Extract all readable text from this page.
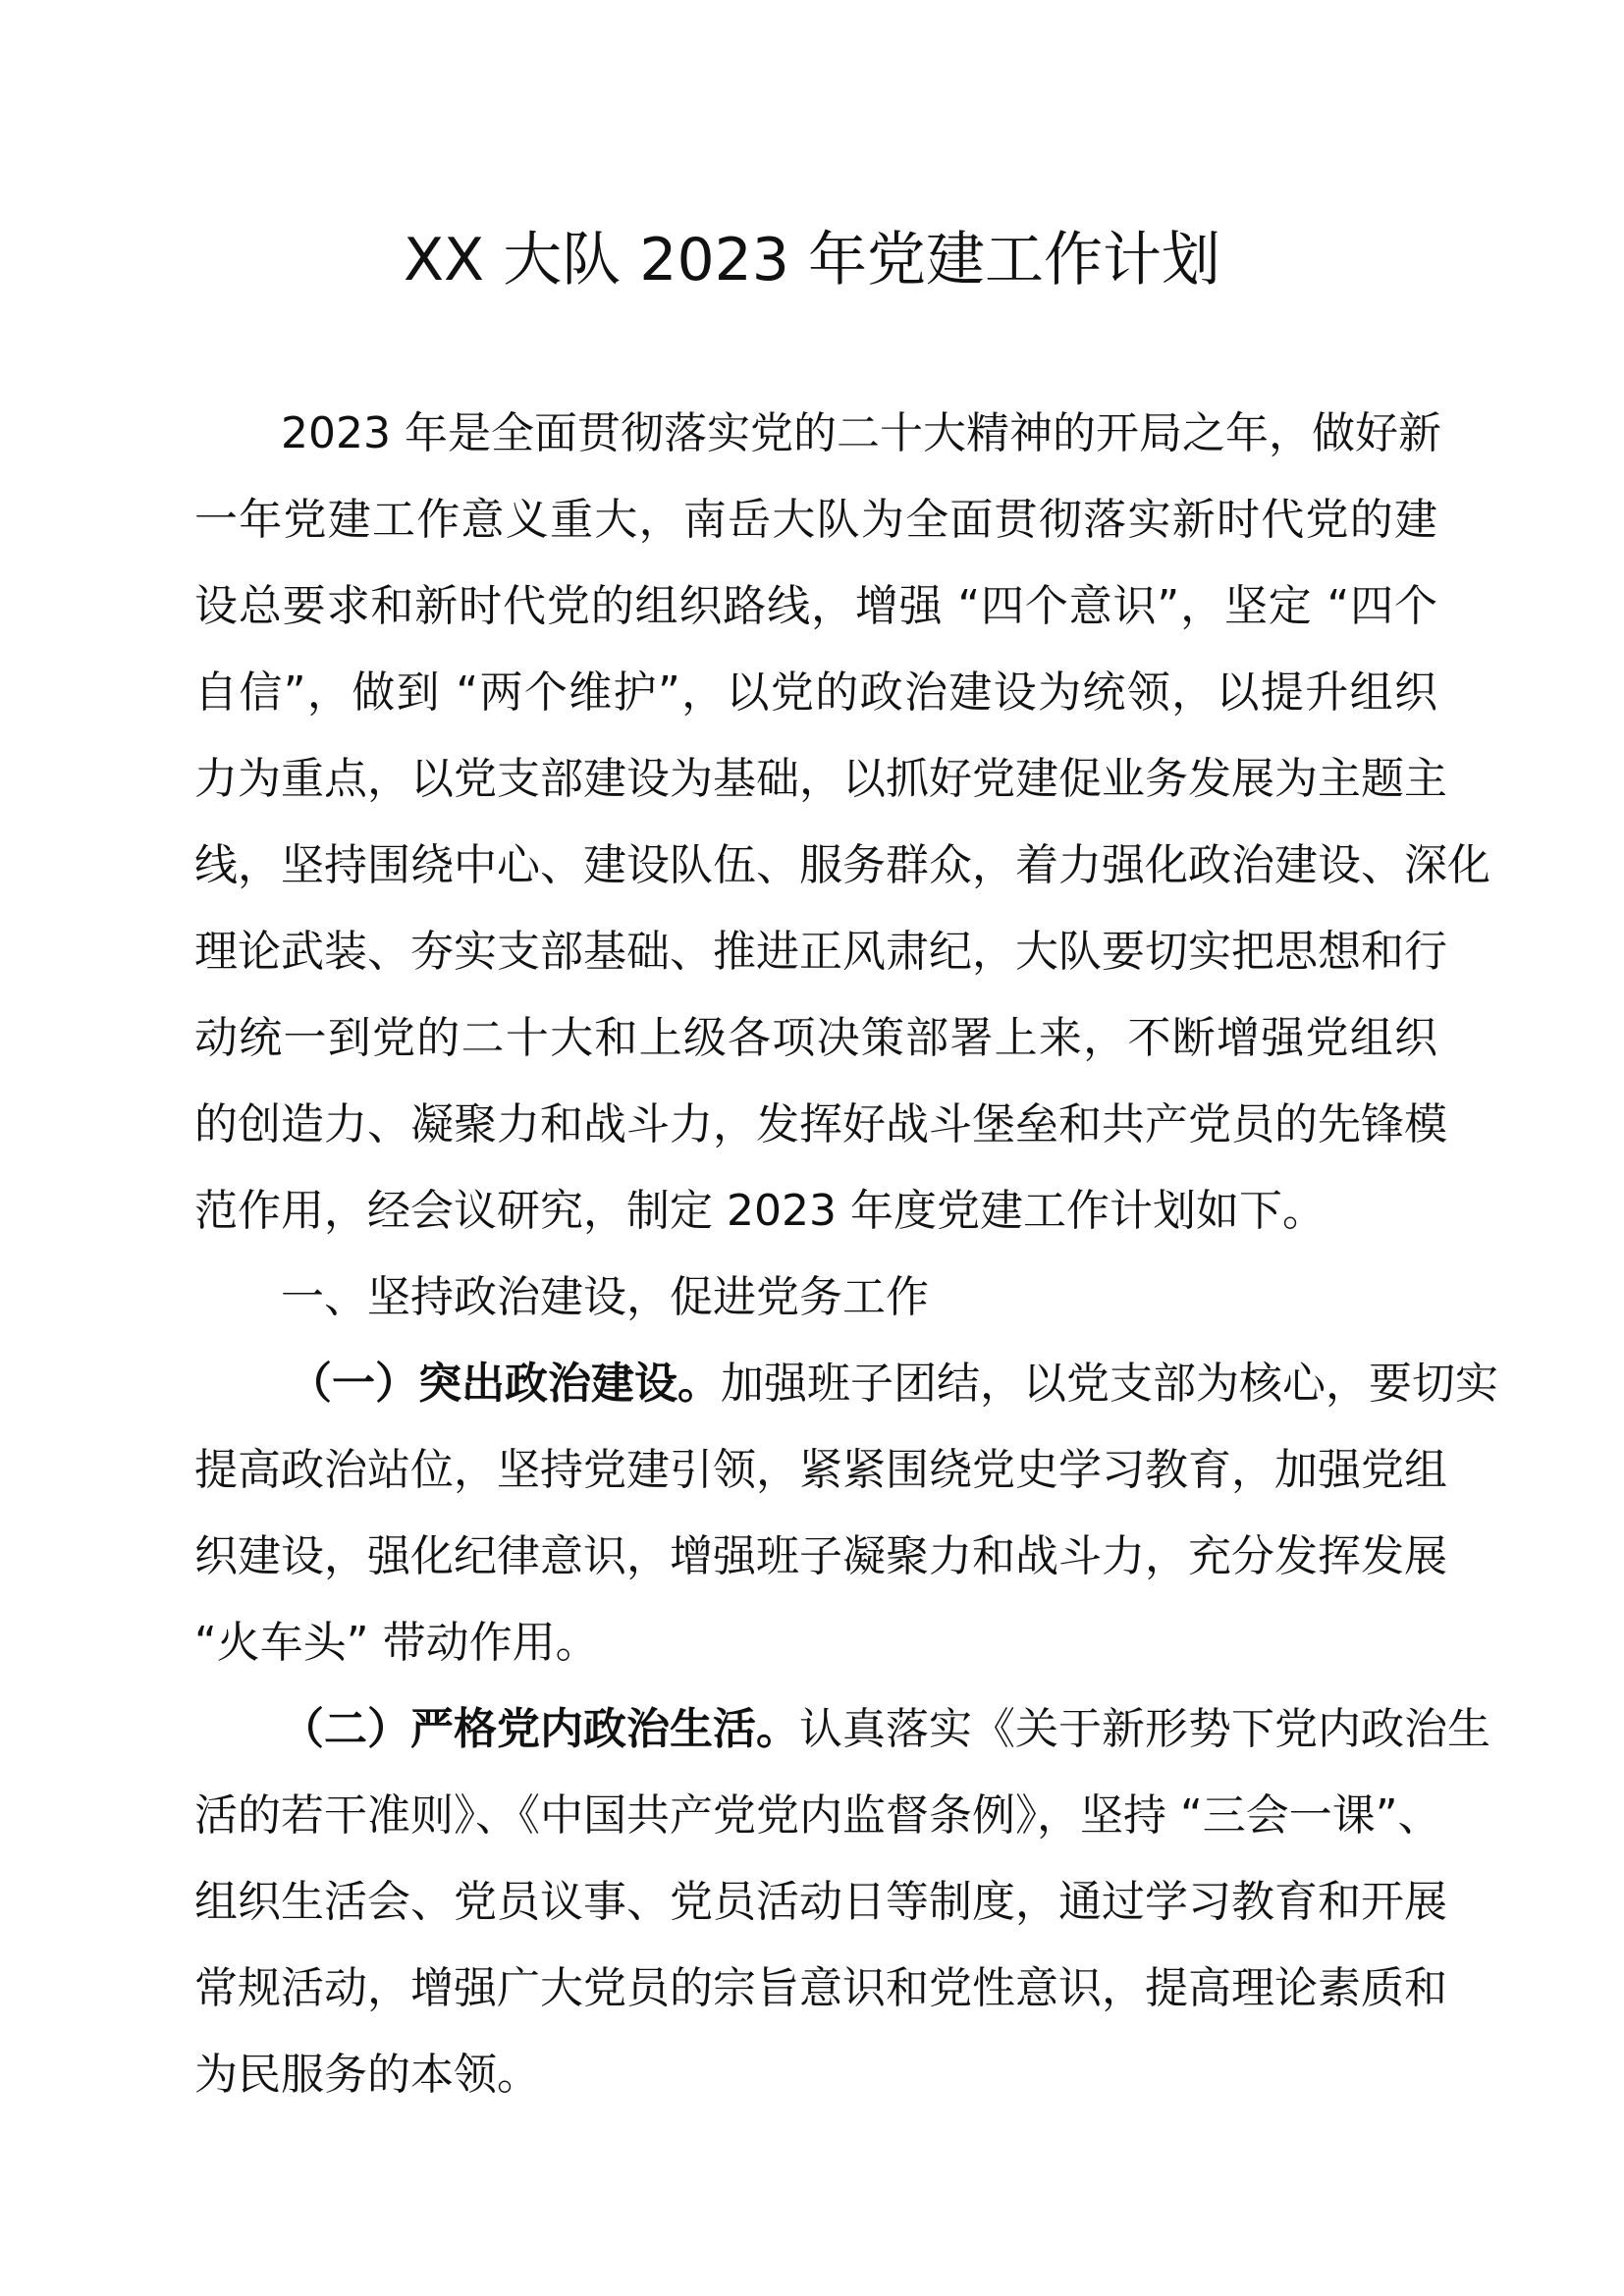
XX 大队 2023 年党建工作计划
2023 年是全面贯彻落实党的二十大精神的开局之年，做好新
一年党建工作意义重大，南岳大队为全面贯彻落实新时代党的建
设总要求和新时代党的组织路线，增强 “四个意识”，坚定 “四个
自信”，做到 “两个维护”，以党的政治建设为统领，以提升组织
力为重点，以党支部建设为基础，以抓好党建促业务发展为主题主
线，坚持围绕中心、建设队伍、服务群众，着力强化政治建设、深化
理论武装、夯实支部基础、推进正风肃纪，大队要切实把思想和行
动统一到党的二十大和上级各项决策部署上来，不断增强党组织
的创造力、凝聚力和战斗力，发挥好战斗堡垒和共产党员的先锋模
范作用，经会议研究，制定 2023 年度党建工作计划如下。
一、坚持政治建设，促进党务工作
（一）突出政治建设。加强班子团结，以党支部为核心，要切实
提高政治站位，坚持党建引领，紧紧围绕党史学习教育，加强党组
织建设，强化纪律意识，增强班子凝聚力和战斗力，充分发挥发展
“火车头” 带动作用。
（二）严格党内政治生活。认真落实《关于新形势下党内政治生
活的若干准则》、《中国共产党党内监督条例》，坚持 “三会一课”、
组织生活会、党员议事、党员活动日等制度，通过学习教育和开展
常规活动，增强广大党员的宗旨意识和党性意识，提高理论素质和
为民服务的本领。
